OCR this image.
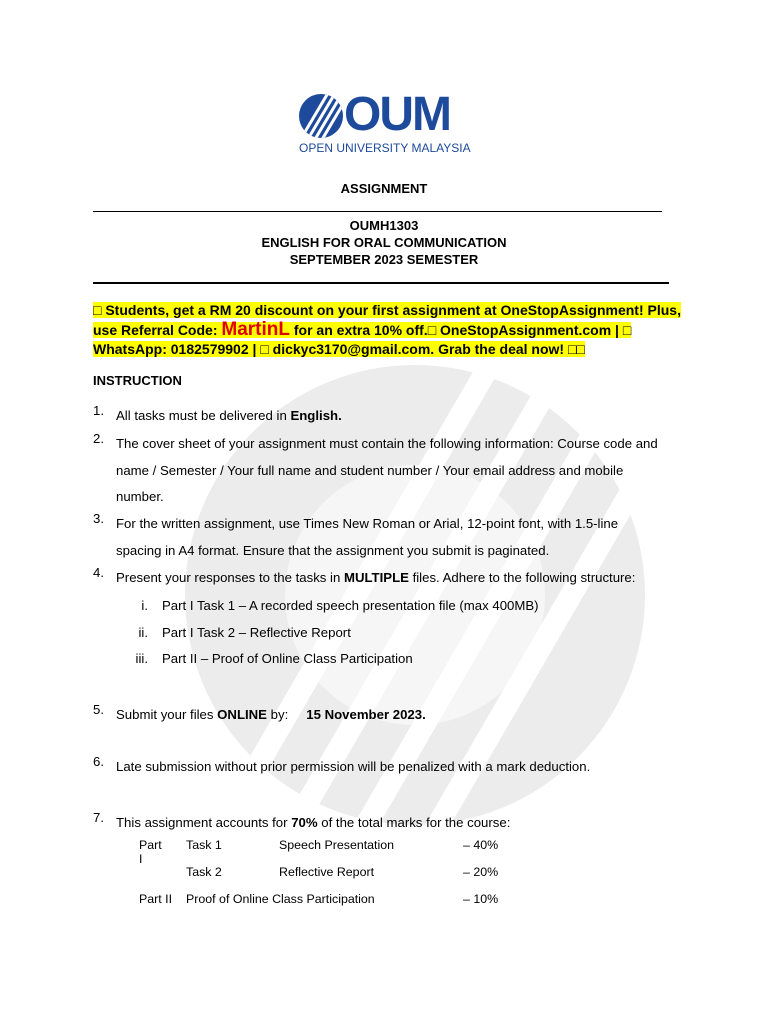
OUM
OPEN UNIVERSITY MALAYSIA
ASSIGNMENT
OUMH1303
ENGLISH FOR ORAL COMMUNICATION
SEPTEMBER 2023 SEMESTER
□ Students, get a RM 20 discount on your first assignment at OneStopAssignment! Plus, use Referral Code: MartinL for an extra 10% off.□ OneStopAssignment.com | □ WhatsApp: 0182579902 | □ dickyc3170@gmail.com. Grab the deal now! □□
INSTRUCTION
1. All tasks must be delivered in English.
2. The cover sheet of your assignment must contain the following information: Course code and name / Semester / Your full name and student number / Your email address and mobile number.
3. For the written assignment, use Times New Roman or Arial, 12-point font, with 1.5-line spacing in A4 format. Ensure that the assignment you submit is paginated.
4. Present your responses to the tasks in MULTIPLE files. Adhere to the following structure:
i. Part I Task 1 – A recorded speech presentation file (max 400MB)
ii. Part I Task 2 – Reflective Report
iii. Part II – Proof of Online Class Participation
5. Submit your files ONLINE by: 15 November 2023.
6. Late submission without prior permission will be penalized with a mark deduction.
7. This assignment accounts for 70% of the total marks for the course:
Part I
Task 1	Speech Presentation	– 40%
Task 2	Reflective Report	– 20%
Part II Proof of Online Class Participation	– 10%
